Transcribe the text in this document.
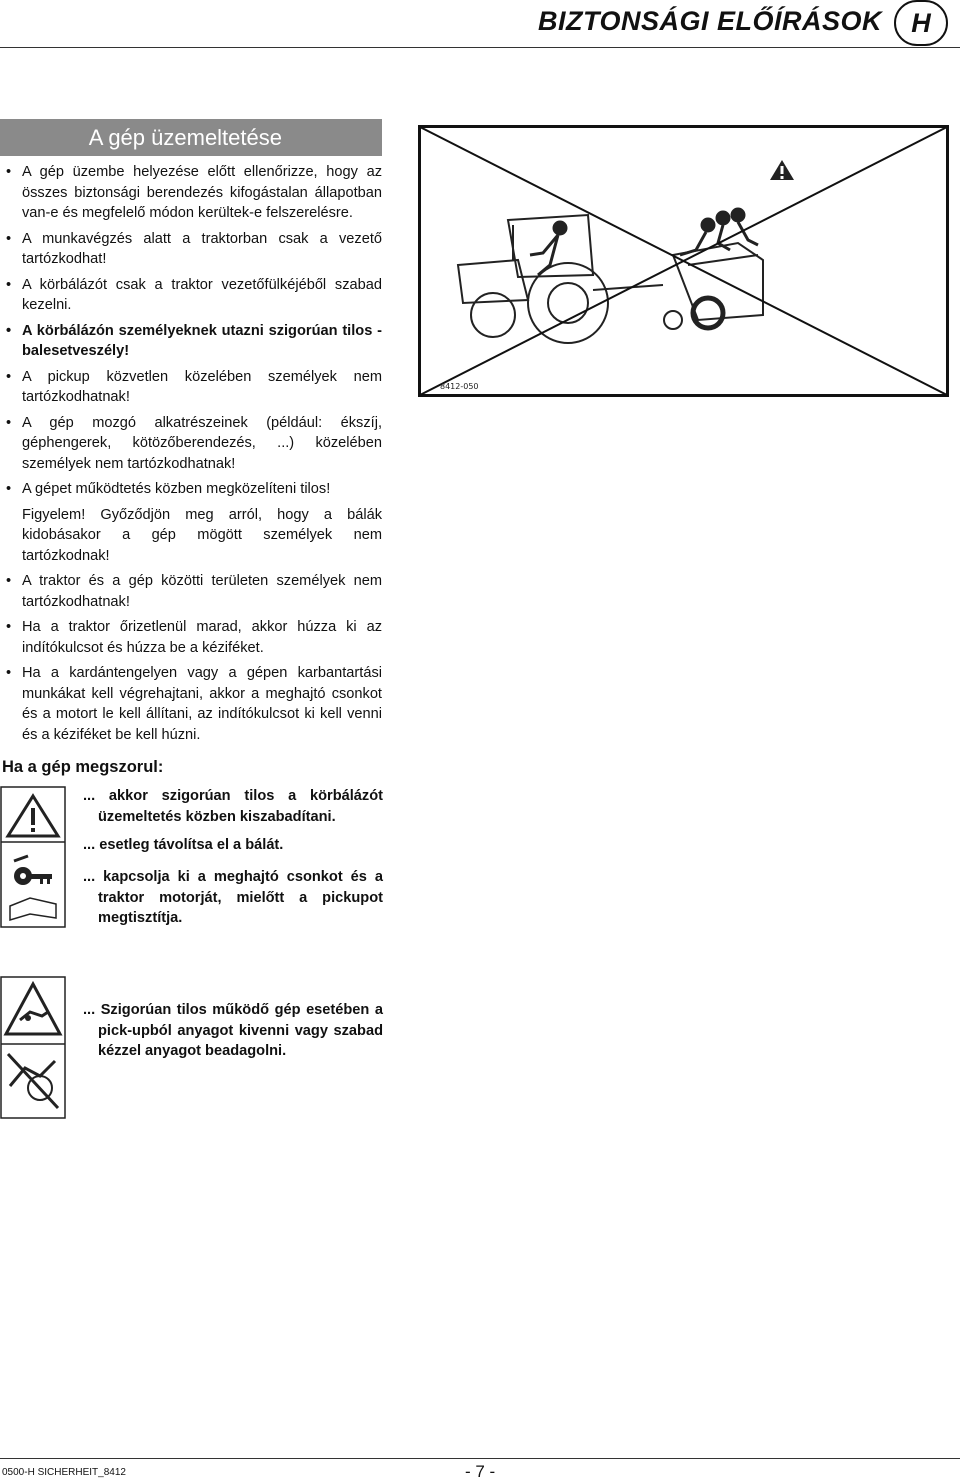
BIZTONSÁGI ELŐÍRÁSOK	H
A gép üzemeltetése
• A gép üzembe helyezése előtt ellenőrizze, hogy az összes biztonsági berendezés kifogástalan állapotban van-e és megfelelő módon kerültek-e felszerelésre.
• A munkavégzés alatt a traktorban csak a vezető tartózkodhat!
• A körbálázót csak a traktor vezetőfülkéjéből szabad kezelni.
• A körbálázón személyeknek utazni szigorúan tilos - balesetveszély!
• A pickup közvetlen közelében személyek nem tartózkodhatnak!
• A gép mozgó alkatrészeinek (például: ékszíj, géphengerek, kötözőberendezés, ...) közelében személyek nem tartózkodhatnak!
• A gépet működtetés közben megközelíteni tilos!
Figyelem! Győződjön meg arról, hogy a bálák kidobásakor a gép mögött személyek nem tartózkodnak!
• A traktor és a gép közötti területen személyek nem tartózkodhatnak!
• Ha a traktor őrizetlenül marad, akkor húzza ki az indítókulcsot és húzza be a kéziféket.
• Ha a kardántengelyen vagy a gépen karbantartási munkákat kell végrehajtani, akkor a meghajtó csonkot és a motort le kell állítani, az indítókulcsot ki kell venni és a kéziféket be kell húzni.
8412-050
Ha a gép megszorul:
... akkor szigorúan tilos a körbálázót üzemeltetés közben kiszabadítani.
... esetleg távolítsa el a bálát.
... kapcsolja ki a meghajtó csonkot és a traktor motorját, mielőtt a pickupot megtisztítja.
... Szigorúan tilos működő gép esetében a pick-upból anyagot kivenni vagy szabad kézzel anyagot beadagolni.
0500-H SICHERHEIT_8412	- 7 -
